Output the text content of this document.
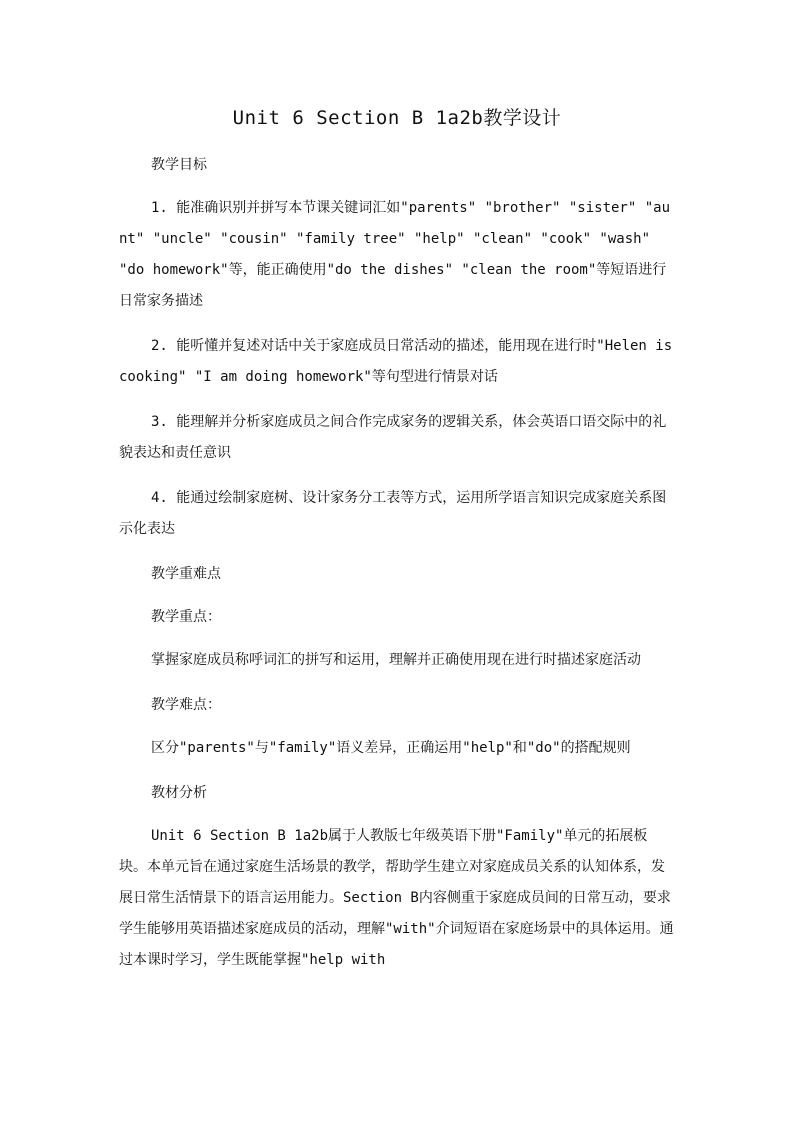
Unit 6 Section B 1a2b教学设计

教学目标

1. 能准确识别并拼写本节课关键词汇如"parents" "brother" "sister" "aunt" "uncle" "cousin" "family tree" "help" "clean" "cook" "wash" "do homework"等，能正确使用"do the dishes" "clean the room"等短语进行日常家务描述

2. 能听懂并复述对话中关于家庭成员日常活动的描述，能用现在进行时"Helen is cooking" "I am doing homework"等句型进行情景对话

3. 能理解并分析家庭成员之间合作完成家务的逻辑关系，体会英语口语交际中的礼貌表达和责任意识

4. 能通过绘制家庭树、设计家务分工表等方式，运用所学语言知识完成家庭关系图示化表达

教学重难点

教学重点：

掌握家庭成员称呼词汇的拼写和运用，理解并正确使用现在进行时描述家庭活动

教学难点：

区分"parents"与"family"语义差异，正确运用"help"和"do"的搭配规则

教材分析

Unit 6 Section B 1a2b属于人教版七年级英语下册"Family"单元的拓展板块。本单元旨在通过家庭生活场景的教学，帮助学生建立对家庭成员关系的认知体系，发展日常生活情景下的语言运用能力。Section B内容侧重于家庭成员间的日常互动，要求学生能够用英语描述家庭成员的活动，理解"with"介词短语在家庭场景中的具体运用。通过本课时学习，学生既能掌握"help with
